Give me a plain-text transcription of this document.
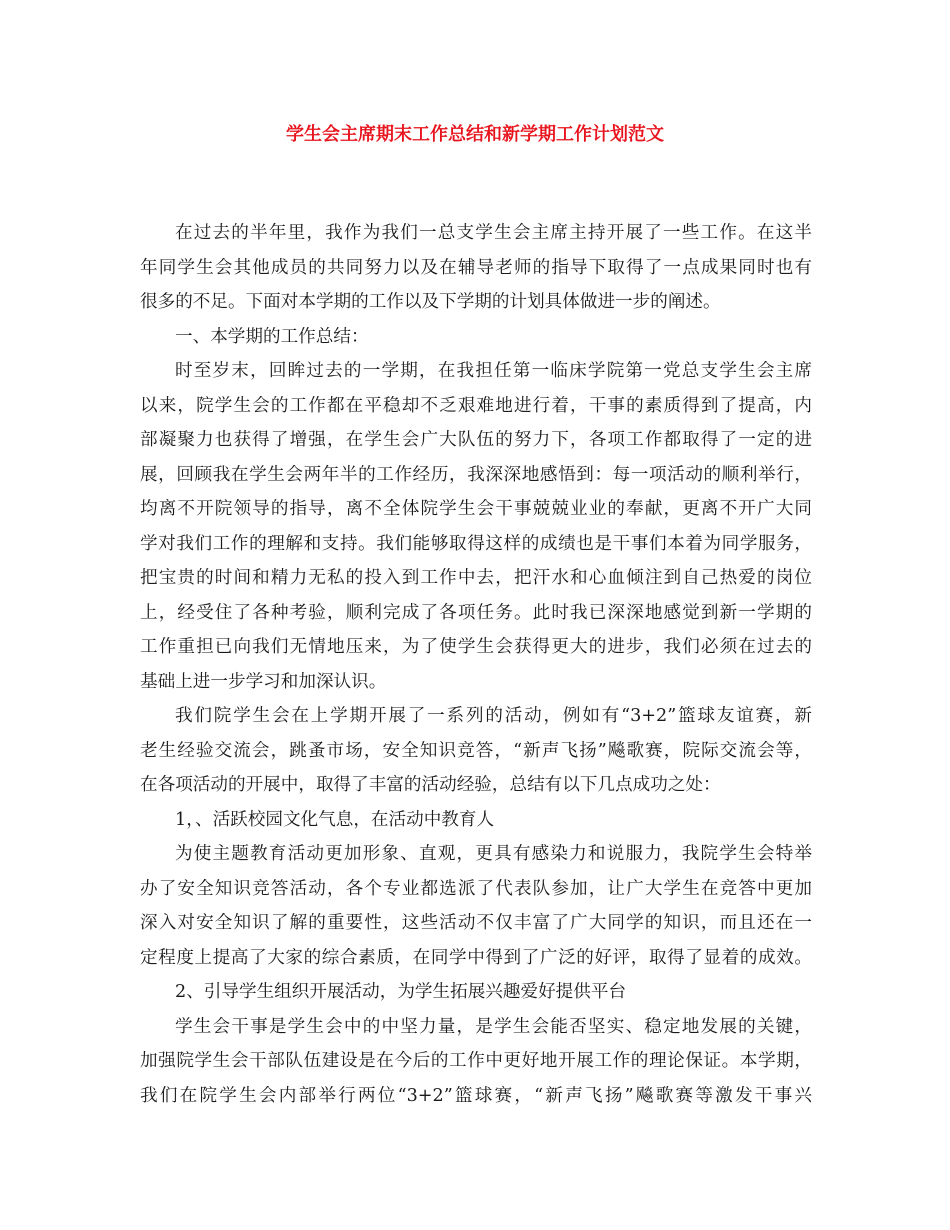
学生会主席期末工作总结和新学期工作计划范文
在过去的半年里，我作为我们一总支学生会主席主持开展了一些工作。在这半
年同学生会其他成员的共同努力以及在辅导老师的指导下取得了一点成果同时也有
很多的不足。下面对本学期的工作以及下学期的计划具体做进一步的阐述。
一、本学期的工作总结：
时至岁末，回眸过去的一学期，在我担任第一临床学院第一党总支学生会主席
以来，院学生会的工作都在平稳却不乏艰难地进行着，干事的素质得到了提高，内
部凝聚力也获得了增强，在学生会广大队伍的努力下，各项工作都取得了一定的进
展，回顾我在学生会两年半的工作经历，我深深地感悟到：每一项活动的顺利举行，
均离不开院领导的指导，离不全体院学生会干事兢兢业业的奉献，更离不开广大同
学对我们工作的理解和支持。我们能够取得这样的成绩也是干事们本着为同学服务，
把宝贵的时间和精力无私的投入到工作中去，把汗水和心血倾注到自己热爱的岗位
上，经受住了各种考验，顺利完成了各项任务。此时我已深深地感觉到新一学期的
工作重担已向我们无情地压来，为了使学生会获得更大的进步，我们必须在过去的
基础上进一步学习和加深认识。
我们院学生会在上学期开展了一系列的活动，例如有“3+2”篮球友谊赛，新
老生经验交流会，跳蚤市场，安全知识竞答，“新声飞扬”飚歌赛，院际交流会等，
在各项活动的开展中，取得了丰富的活动经验，总结有以下几点成功之处：
1，、活跃校园文化气息，在活动中教育人
为使主题教育活动更加形象、直观，更具有感染力和说服力，我院学生会特举
办了安全知识竞答活动，各个专业都选派了代表队参加，让广大学生在竞答中更加
深入对安全知识了解的重要性，这些活动不仅丰富了广大同学的知识，而且还在一
定程度上提高了大家的综合素质，在同学中得到了广泛的好评，取得了显着的成效。
2、引导学生组织开展活动，为学生拓展兴趣爱好提供平台
学生会干事是学生会中的中坚力量，是学生会能否坚实、稳定地发展的关键，
加强院学生会干部队伍建设是在今后的工作中更好地开展工作的理论保证。本学期，
我们在院学生会内部举行两位“3+2”篮球赛，“新声飞扬”飚歌赛等激发干事兴
